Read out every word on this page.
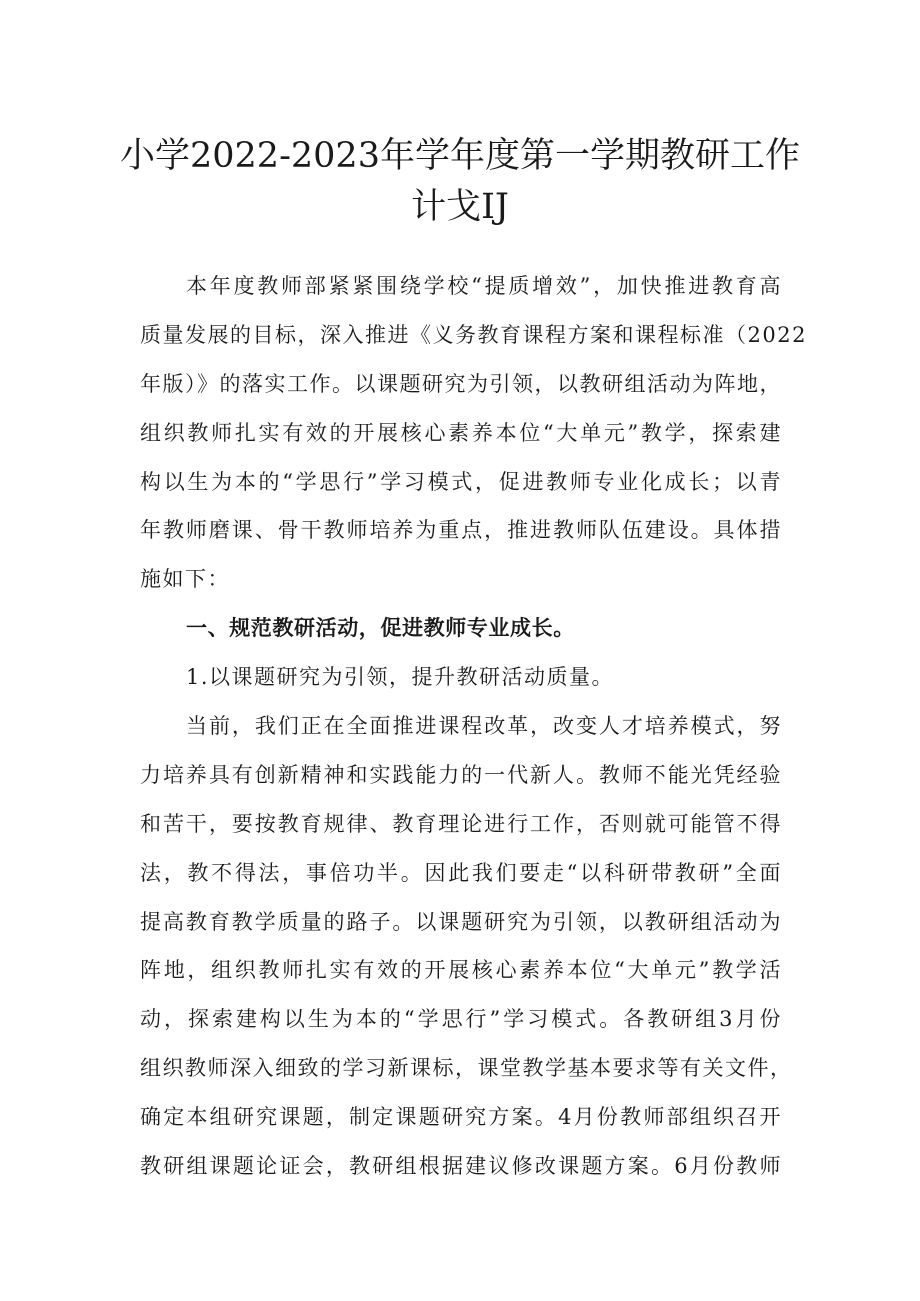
小学2022-2023年学年度第一学期教研工作
计戈IJ
本年度教师部紧紧围绕学校“提质增效”，加快推进教育高
质量发展的目标，深入推进《义务教育课程方案和课程标准（2022
年版）》的落实工作。以课题研究为引领，以教研组活动为阵地，
组织教师扎实有效的开展核心素养本位“大单元”教学，探索建
构以生为本的“学思行”学习模式，促进教师专业化成长；以青
年教师磨课、骨干教师培养为重点，推进教师队伍建设。具体措
施如下：
一、规范教研活动，促进教师专业成长。
1.以课题研究为引领，提升教研活动质量。
当前，我们正在全面推进课程改革，改变人才培养模式，努
力培养具有创新精神和实践能力的一代新人。教师不能光凭经验
和苦干，要按教育规律、教育理论进行工作，否则就可能管不得
法，教不得法，事倍功半。因此我们要走“以科研带教研”全面
提高教育教学质量的路子。以课题研究为引领，以教研组活动为
阵地，组织教师扎实有效的开展核心素养本位“大单元”教学活
动，探索建构以生为本的“学思行”学习模式。各教研组3月份
组织教师深入细致的学习新课标，课堂教学基本要求等有关文件，
确定本组研究课题，制定课题研究方案。4月份教师部组织召开
教研组课题论证会，教研组根据建议修改课题方案。6月份教师
